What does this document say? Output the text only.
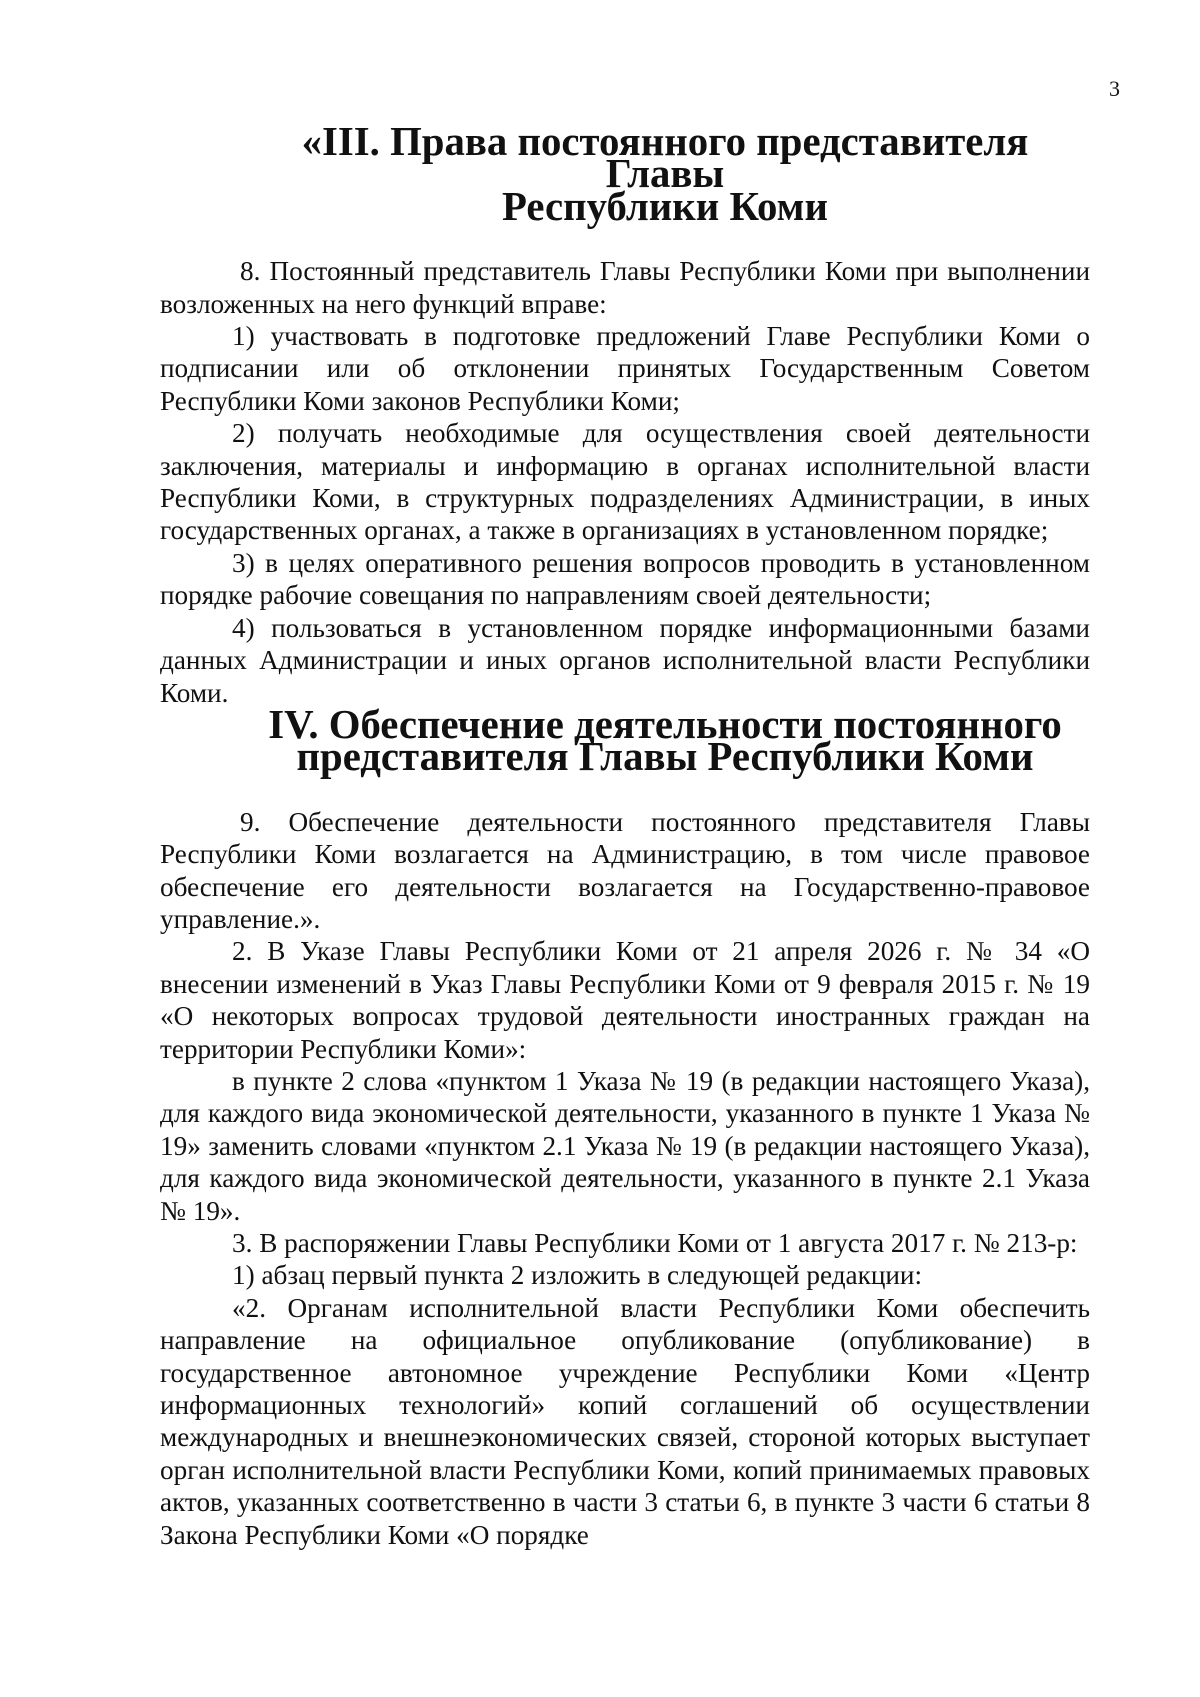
3
«III. Права постоянного представителя Главы
Республики Коми

8. Постоянный представитель Главы Республики Коми при выполнении возложенных на него функций вправе:

1) участвовать в подготовке предложений Главе Республики Коми о подписании или об отклонении принятых Государственным Советом Республики Коми законов Республики Коми;

2) получать необходимые для осуществления своей деятельности заключения, материалы и информацию в органах исполнительной власти Республики Коми, в структурных подразделениях Администрации, в иных государственных органах, а также в организациях в установленном порядке;

3) в целях оперативного решения вопросов проводить в установленном порядке рабочие совещания по направлениям своей деятельности;

4) пользоваться в установленном порядке информационными базами данных Администрации и иных органов исполнительной власти Республики Коми.

IV. Обеспечение деятельности постоянного
представителя Главы Республики Коми

9. Обеспечение деятельности постоянного представителя Главы Республики Коми возлагается на Администрацию, в том числе правовое обеспечение его деятельности возлагается на Государственно-правовое управление.».

2. В Указе Главы Республики Коми от 21 апреля 2026 г. № 34 «О внесении изменений в Указ Главы Республики Коми от 9 февраля 2015 г. № 19 «О некоторых вопросах трудовой деятельности иностранных граждан на территории Республики Коми»:

в пункте 2 слова «пунктом 1 Указа № 19 (в редакции настоящего Указа), для каждого вида экономической деятельности, указанного в пункте 1 Указа № 19» заменить словами «пунктом 2.1 Указа № 19 (в редакции настоящего Указа), для каждого вида экономической деятельности, указанного в пункте 2.1 Указа № 19».

3. В распоряжении Главы Республики Коми от 1 августа 2017 г. № 213-р:

1) абзац первый пункта 2 изложить в следующей редакции:

«2. Органам исполнительной власти Республики Коми обеспечить направление на официальное опубликование (опубликование) в государственное автономное учреждение Республики Коми «Центр информационных технологий» копий соглашений об осуществлении международных и внешнеэкономических связей, стороной которых выступает орган исполнительной власти Республики Коми, копий принимаемых правовых актов, указанных соответственно в части 3 статьи 6, в пункте 3 части 6 статьи 8 Закона Республики Коми «О порядке
